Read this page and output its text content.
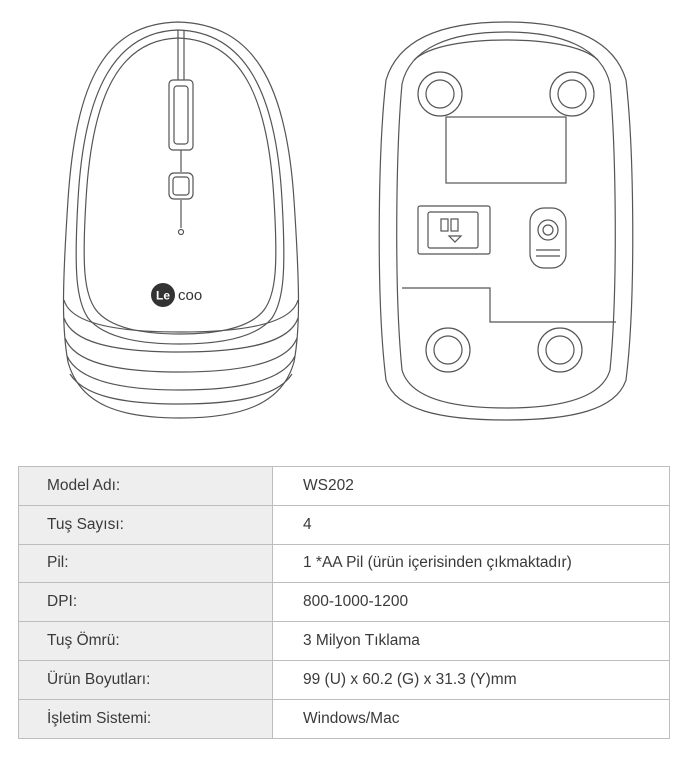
Le coo
Model Adı:	WS202
Tuş Sayısı:	4
Pil:	1 *AA Pil (ürün içerisinden çıkmaktadır)
DPI:	800-1000-1200
Tuş Ömrü:	3 Milyon Tıklama
Ürün Boyutları:	99 (U) x 60.2 (G) x 31.3 (Y)mm
İşletim Sistemi:	Windows/Mac
